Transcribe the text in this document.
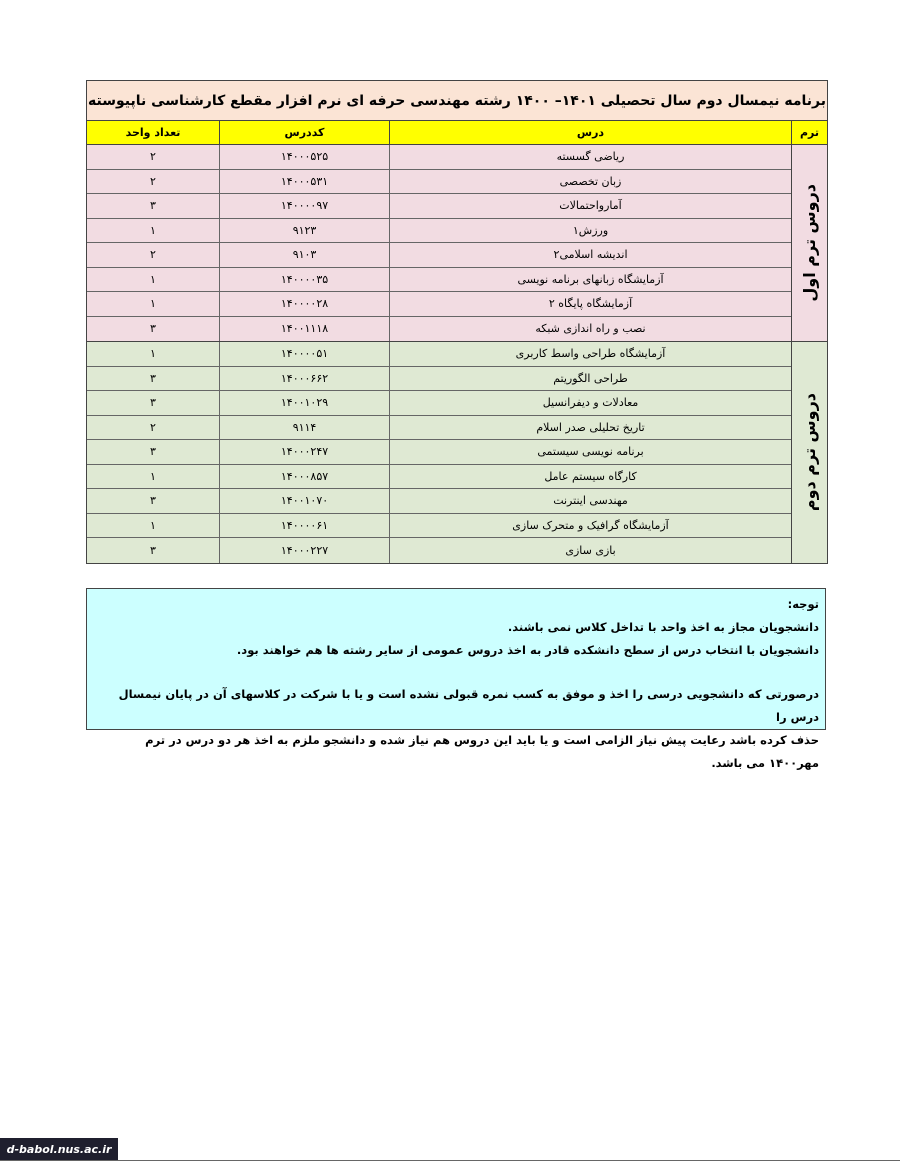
برنامه نیمسال دوم سال تحصیلی ۱۴۰۱– ۱۴۰۰ رشته مهندسی حرفه ای نرم افزار مقطع کارشناسی ناپیوسته
ترم
درس
کددرس
تعداد واحد
دروس ترم اول
ریاضی گسسته
۱۴۰۰۰۵۲۵
۲
زبان تخصصی
۱۴۰۰۰۵۳۱
۲
آمارواحتمالات
۱۴۰۰۰۰۹۷
۳
ورزش۱
۹۱۲۳
۱
اندیشه اسلامی۲
۹۱۰۳
۲
آزمایشگاه زبانهای برنامه نویسی
۱۴۰۰۰۰۳۵
۱
آزمایشگاه پایگاه ۲
۱۴۰۰۰۰۲۸
۱
نصب و راه اندازی شبکه
۱۴۰۰۱۱۱۸
۳
دروس ترم دوم
آزمایشگاه طراحی واسط کاربری
۱۴۰۰۰۰۵۱
۱
طراحی الگوریتم
۱۴۰۰۰۶۶۲
۳
معادلات و دیفرانسیل
۱۴۰۰۱۰۲۹
۳
تاریخ تحلیلی صدر اسلام
۹۱۱۴
۲
برنامه نویسی سیستمی
۱۴۰۰۰۲۴۷
۳
کارگاه سیستم عامل
۱۴۰۰۰۸۵۷
۱
مهندسی اینترنت
۱۴۰۰۱۰۷۰
۳
آزمایشگاه گرافیک و متحرک سازی
۱۴۰۰۰۰۶۱
۱
بازی سازی
۱۴۰۰۰۲۲۷
۳

توجه:

دانشجویان مجاز به اخذ واحد با تداخل کلاس نمی باشند.

دانشجویان با انتخاب درس از سطح دانشکده قادر به اخذ دروس عمومی از سایر رشته ها هم خواهند بود.

درصورتی که دانشجویی درسی را اخذ و موفق به کسب نمره قبولی نشده است و یا با شرکت در کلاسهای آن در پایان نیمسال درس را

حذف کرده باشد رعایت پیش نیاز الزامی است و یا باید این دروس هم نیاز شده و دانشجو ملزم به اخذ هر دو درس در ترم مهر۱۴۰۰ می باشد.

d-babol.nus.ac.ir
